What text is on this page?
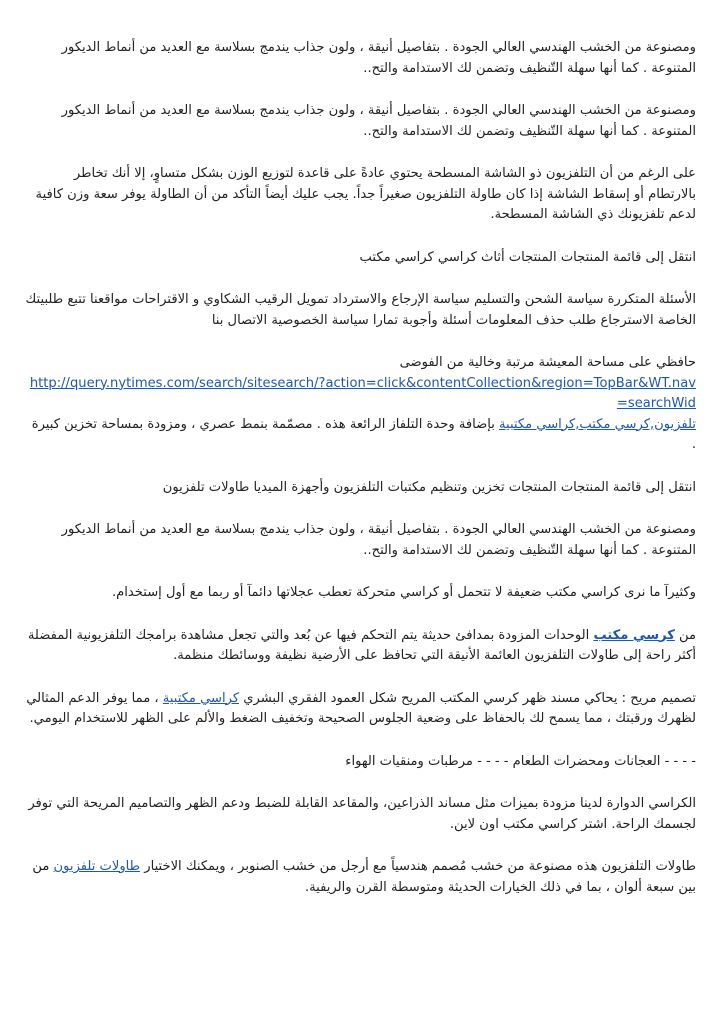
ومصنوعة من الخشب الهندسي العالي الجودة . بتفاصيل أنيقة ، ولون جذاب يندمج بسلاسة مع العديد من أنماط الديكور المتنوعة . كما أنها سهلة التّنظيف وتضمن لك الاستدامة والتح..

ومصنوعة من الخشب الهندسي العالي الجودة . بتفاصيل أنيقة ، ولون جذاب يندمج بسلاسة مع العديد من أنماط الديكور المتنوعة . كما أنها سهلة التّنظيف وتضمن لك الاستدامة والتح..

على الرغم من أن التلفزيون ذو الشاشة المسطحة يحتوي عادةً على قاعدة لتوزيع الوزن بشكل متساوٍ، إلا أنك تخاطر بالارتطام أو إسقاط الشاشة إذا كان طاولة التلفزيون صغيراً جداً. يجب عليك أيضاً التأكد من أن الطاولة يوفر سعة وزن كافية لدعم تلفزيونك ذي الشاشة المسطحة.

انتقل إلى قائمة المنتجات المنتجات أثاث كراسي كراسي مكتب

الأسئلة المتكررة سياسة الشحن والتسليم سياسة الإرجاع والاسترداد تمويل الرقيب الشكاوي و الاقتراحات مواقعنا تتبع طلبيتك الخاصة الاسترجاع طلب حذف المعلومات أسئلة وأجوبة تمارا سياسة الخصوصية الاتصال بنا

حافظي على مساحة المعيشة مرتبة وخالية من الفوضى
http://query.nytimes.com/search/sitesearch/?action=click&contentCollection&region=TopBar&WT.nav=searchWid
تلفزيون,كرسي مكتب,كراسي مكتبية بإضافة وحدة التلفاز الرائعة هذه . مصمّمة بنمط عصري ، ومزودة بمساحة تخزين كبيرة .

انتقل إلى قائمة المنتجات المنتجات تخزين وتنظيم مكتبات التلفزيون وأجهزة الميديا طاولات تلفزيون

ومصنوعة من الخشب الهندسي العالي الجودة . بتفاصيل أنيقة ، ولون جذاب يندمج بسلاسة مع العديد من أنماط الديكور المتنوعة . كما أنها سهلة التّنظيف وتضمن لك الاستدامة والتح..

وكثيرآ ما نرى كراسي مكتب ضعيفة لا تتحمل أو كراسي متحركة تعطب عجلاتها دائمآ أو ربما مع أول إستخدام.

من كرسي مكتب الوحدات المزودة بمدافئ حديثة يتم التحكم فيها عن بُعد والتي تجعل مشاهدة برامجك التلفزيونية المفضلة أكثر راحة إلى طاولات التلفزيون العائمة الأنيقة التي تحافظ على الأرضية نظيفة ووسائطك منظمة.

تصميم مريح : يحاكي مسند ظهر كرسي المكتب المريح شكل العمود الفقري البشري كراسي مكتبية ، مما يوفر الدعم المثالي لظهرك ورقبتك ، مما يسمح لك بالحفاظ على وضعية الجلوس الصحيحة وتخفيف الضغط والألم على الظهر للاستخدام اليومي.

- - - - العجانات ومحضرات الطعام - - - - مرطبات ومنقيات الهواء

الكراسي الدوارة لدينا مزودة بميزات مثل مساند الذراعين، والمقاعد القابلة للضبط ودعم الظهر والتصاميم المريحة التي توفر لجسمك الراحة. اشتر كراسي مكتب اون لاين.

طاولات التلفزيون هذه مصنوعة من خشب مُصمم هندسياً مع أرجل من خشب الصنوبر ، ويمكنك الاختيار طاولات تلفزيون من بين سبعة ألوان ، بما في ذلك الخيارات الحديثة ومتوسطة القرن والريفية.
